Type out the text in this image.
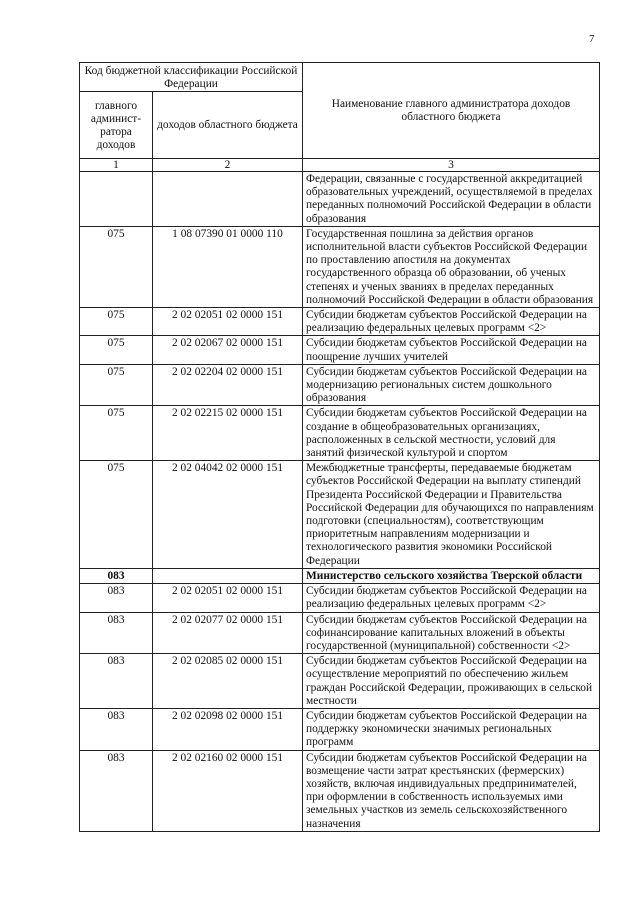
7
Код бюджетной классификации Российской Федерации		Наименование главного администратора доходов областного бюджета
главного админист-ратора доходов	доходов областного бюджета	
1	2	3
		Федерации, связанные с государственной аккредитацией образовательных учреждений, осуществляемой в пределах переданных полномочий Российской Федерации в области образования
075	1 08 07390 01 0000 110	Государственная пошлина за действия органов исполнительной власти субъектов Российской Федерации по проставлению апостиля на документах государственного образца об образовании, об ученых степенях и ученых званиях в пределах переданных полномочий Российской Федерации в области образования
075	2 02 02051 02 0000 151	Субсидии бюджетам субъектов Российской Федерации на реализацию федеральных целевых программ <2>
075	2 02 02067 02 0000 151	Субсидии бюджетам субъектов Российской Федерации на поощрение лучших учителей
075	2 02 02204 02 0000 151	Субсидии бюджетам субъектов Российской Федерации на модернизацию региональных систем дошкольного образования
075	2 02 02215 02 0000 151	Субсидии бюджетам субъектов Российской Федерации на создание в общеобразовательных организациях, расположенных в сельской местности, условий для занятий физической культурой и спортом
075	2 02 04042 02 0000 151	Межбюджетные трансферты, передаваемые бюджетам субъектов Российской Федерации на выплату стипендий Президента Российской Федерации и Правительства Российской Федерации для обучающихся по направлениям подготовки (специальностям), соответствующим приоритетным направлениям модернизации и технологического развития экономики Российской Федерации
083		Министерство сельского хозяйства Тверской области
083	2 02 02051 02 0000 151	Субсидии бюджетам субъектов Российской Федерации на реализацию федеральных целевых программ <2>
083	2 02 02077 02 0000 151	Субсидии бюджетам субъектов Российской Федерации на софинансирование капитальных вложений в объекты государственной (муниципальной) собственности <2>
083	2 02 02085 02 0000 151	Субсидии бюджетам субъектов Российской Федерации на осуществление мероприятий по обеспечению жильем граждан Российской Федерации, проживающих в сельской местности
083	2 02 02098 02 0000 151	Субсидии бюджетам субъектов Российской Федерации на поддержку экономически значимых региональных программ
083	2 02 02160 02 0000 151	Субсидии бюджетам субъектов Российской Федерации на возмещение части затрат крестьянских (фермерских) хозяйств, включая индивидуальных предпринимателей, при оформлении в собственность используемых ими земельных участков из земель сельскохозяйственного назначения
